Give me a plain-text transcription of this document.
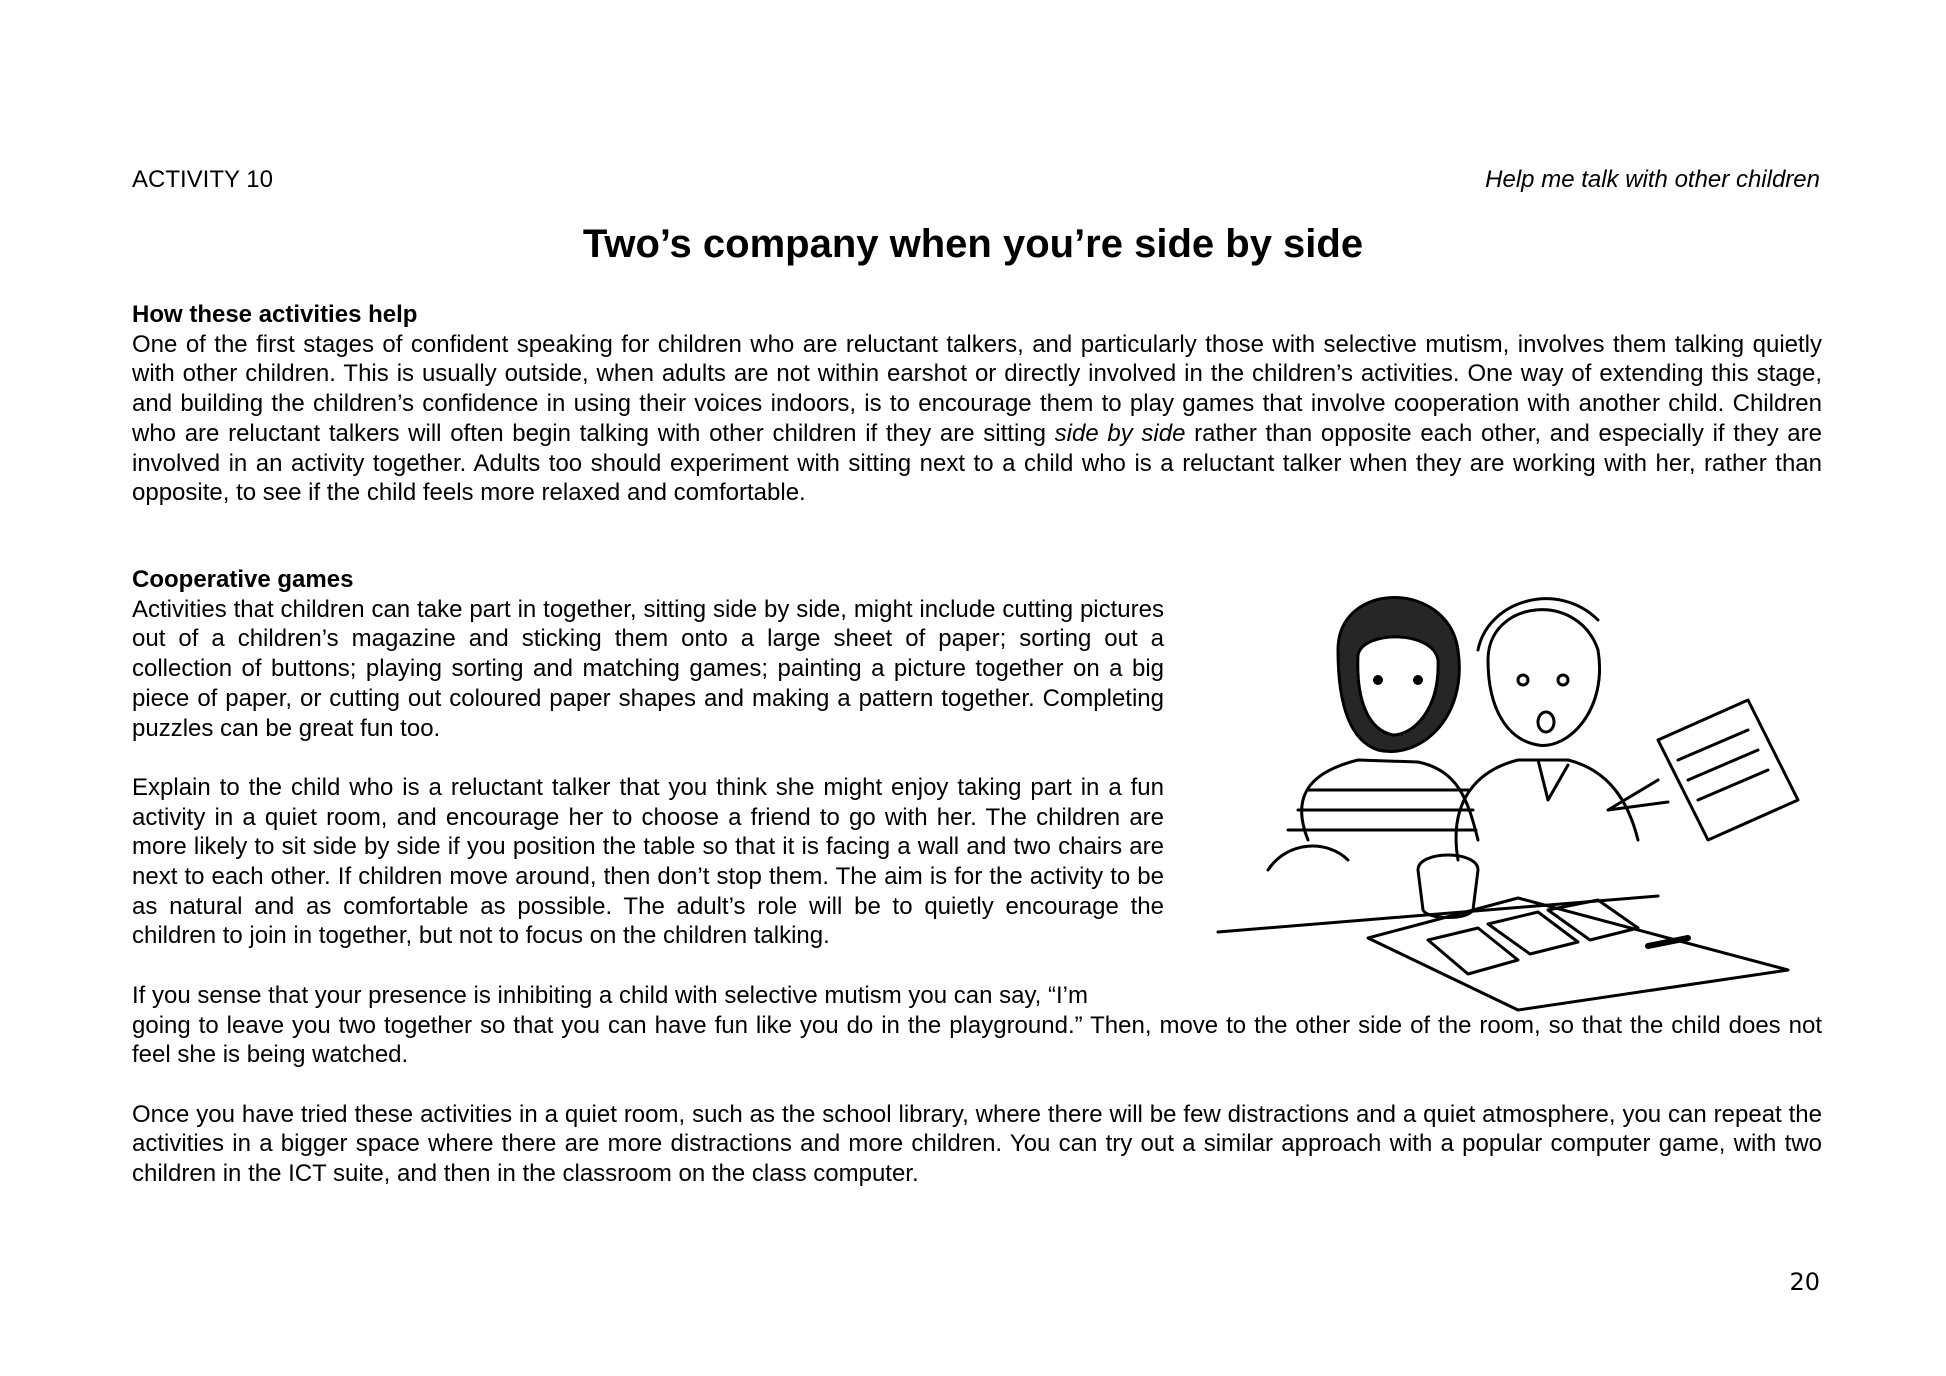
ACTIVITY 10	Help me talk with other children
Two’s company when you’re side by side

How these activities help

One of the first stages of confident speaking for children who are reluctant talkers, and particularly those with selective mutism, involves them talking quietly with other children. This is usually outside, when adults are not within earshot or directly involved in the children’s activities. One way of extending this stage, and building the children’s confidence in using their voices indoors, is to encourage them to play games that involve cooperation with another child. Children who are reluctant talkers will often begin talking with other children if they are sitting side by side rather than opposite each other, and especially if they are involved in an activity together. Adults too should experiment with sitting next to a child who is a reluctant talker when they are working with her, rather than opposite, to see if the child feels more relaxed and comfortable.

Cooperative games

Activities that children can take part in together, sitting side by side, might include cutting pictures out of a children’s magazine and sticking them onto a large sheet of paper; sorting out a collection of buttons; playing sorting and matching games; painting a picture together on a big piece of paper, or cutting out coloured paper shapes and making a pattern together. Completing puzzles can be great fun too.

Explain to the child who is a reluctant talker that you think she might enjoy taking part in a fun activity in a quiet room, and encourage her to choose a friend to go with her. The children are more likely to sit side by side if you position the table so that it is facing a wall and two chairs are next to each other. If children move around, then don’t stop them. The aim is for the activity to be as natural and as comfortable as possible. The adult’s role will be to quietly encourage the children to join in together, but not to focus on the children talking.

If you sense that your presence is inhibiting a child with selective mutism you can say, “I’m

going to leave you two together so that you can have fun like you do in the playground.” Then, move to the other side of the room, so that the child does not feel she is being watched.

Once you have tried these activities in a quiet room, such as the school library, where there will be few distractions and a quiet atmosphere, you can repeat the activities in a bigger space where there are more distractions and more children. You can try out a similar approach with a popular computer game, with two children in the ICT suite, and then in the classroom on the class computer.

20
